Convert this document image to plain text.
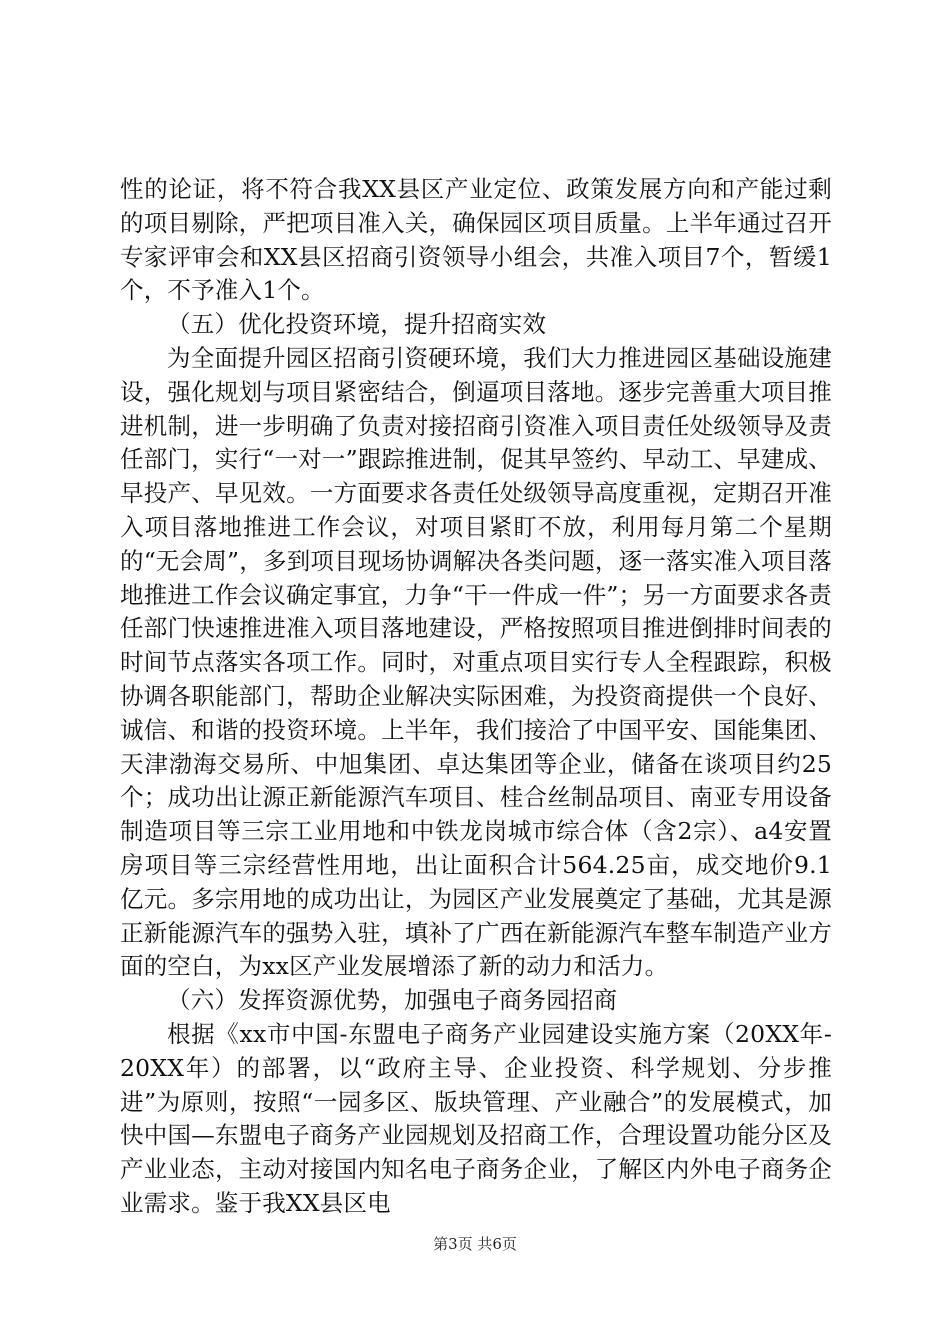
性的论证，将不符合我XX县区产业定位、政策发展方向和产能过剩的项目剔除，严把项目准入关，确保园区项目质量。上半年通过召开专家评审会和XX县区招商引资领导小组会，共准入项目7个，暂缓1个，不予准入1个。

（五）优化投资环境，提升招商实效

为全面提升园区招商引资硬环境，我们大力推进园区基础设施建设，强化规划与项目紧密结合，倒逼项目落地。逐步完善重大项目推进机制，进一步明确了负责对接招商引资准入项目责任处级领导及责任部门，实行“一对一”跟踪推进制，促其早签约、早动工、早建成、早投产、早见效。一方面要求各责任处级领导高度重视，定期召开准入项目落地推进工作会议，对项目紧盯不放，利用每月第二个星期的“无会周”，多到项目现场协调解决各类问题，逐一落实准入项目落地推进工作会议确定事宜，力争“干一件成一件”；另一方面要求各责任部门快速推进准入项目落地建设，严格按照项目推进倒排时间表的时间节点落实各项工作。同时，对重点项目实行专人全程跟踪，积极协调各职能部门，帮助企业解决实际困难，为投资商提供一个良好、诚信、和谐的投资环境。上半年，我们接洽了中国平安、国能集团、天津渤海交易所、中旭集团、卓达集团等企业，储备在谈项目约25个；成功出让源正新能源汽车项目、桂合丝制品项目、南亚专用设备制造项目等三宗工业用地和中铁龙岗城市综合体（含2宗）、a4安置房项目等三宗经营性用地，出让面积合计564.25亩，成交地价9.1亿元。多宗用地的成功出让，为园区产业发展奠定了基础，尤其是源正新能源汽车的强势入驻，填补了广西在新能源汽车整车制造产业方面的空白，为xx区产业发展增添了新的动力和活力。

（六）发挥资源优势，加强电子商务园招商

根据《xx市中国-东盟电子商务产业园建设实施方案（20XX年-20XX年）的部署，以“政府主导、企业投资、科学规划、分步推进”为原则，按照“一园多区、版块管理、产业融合”的发展模式，加快中国—东盟电子商务产业园规划及招商工作，合理设置功能分区及产业业态，主动对接国内知名电子商务企业，了解区内外电子商务企业需求。鉴于我XX县区电

第3页 共6页
